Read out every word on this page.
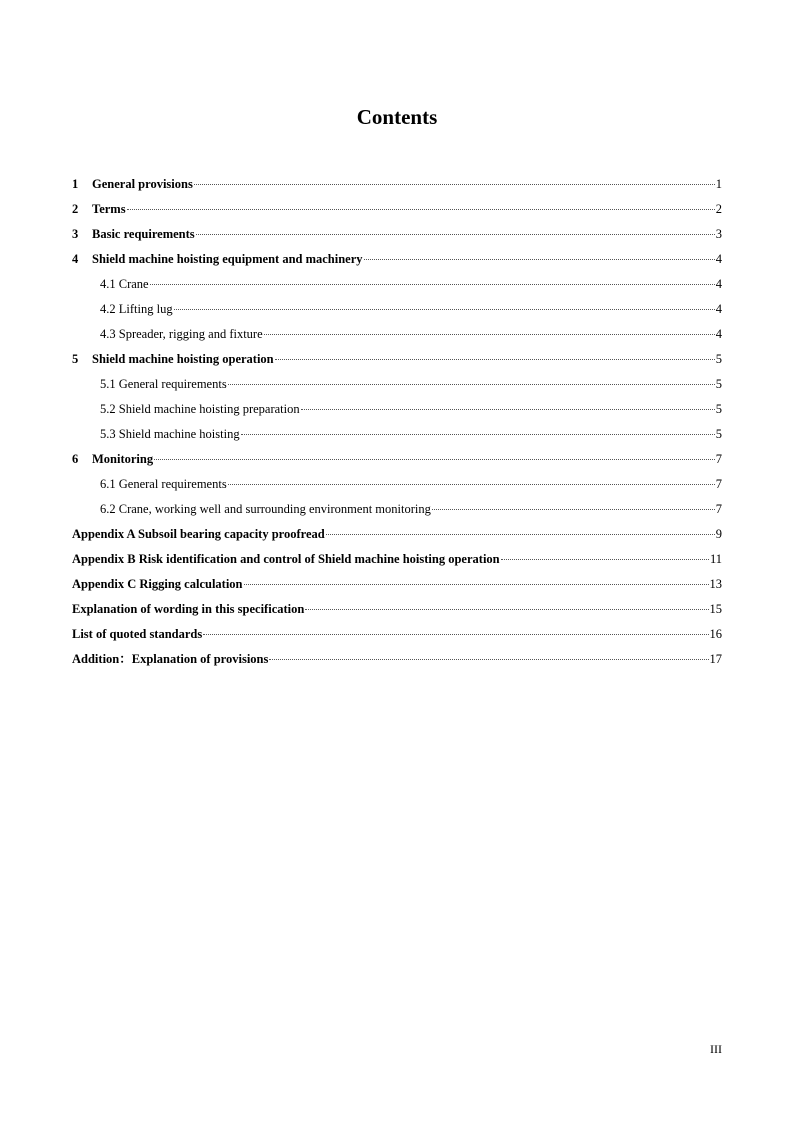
Contents
1	General provisions	1
2	Terms	2
3	Basic requirements	3
4	Shield machine hoisting equipment and machinery	4
4.1 Crane	4
4.2 Lifting lug	4
4.3 Spreader, rigging and fixture	4
5	Shield machine hoisting operation	5
5.1 General requirements	5
5.2 Shield machine hoisting preparation	5
5.3 Shield machine hoisting	5
6	Monitoring	7
6.1 General requirements	7
6.2 Crane, working well and surrounding environment monitoring	7
Appendix A Subsoil bearing capacity proofread	9
Appendix B Risk identification and control of Shield machine hoisting operation	11
Appendix C Rigging calculation	13
Explanation of wording in this specification	15
List of quoted standards	16
Addition：Explanation of provisions	17
III
